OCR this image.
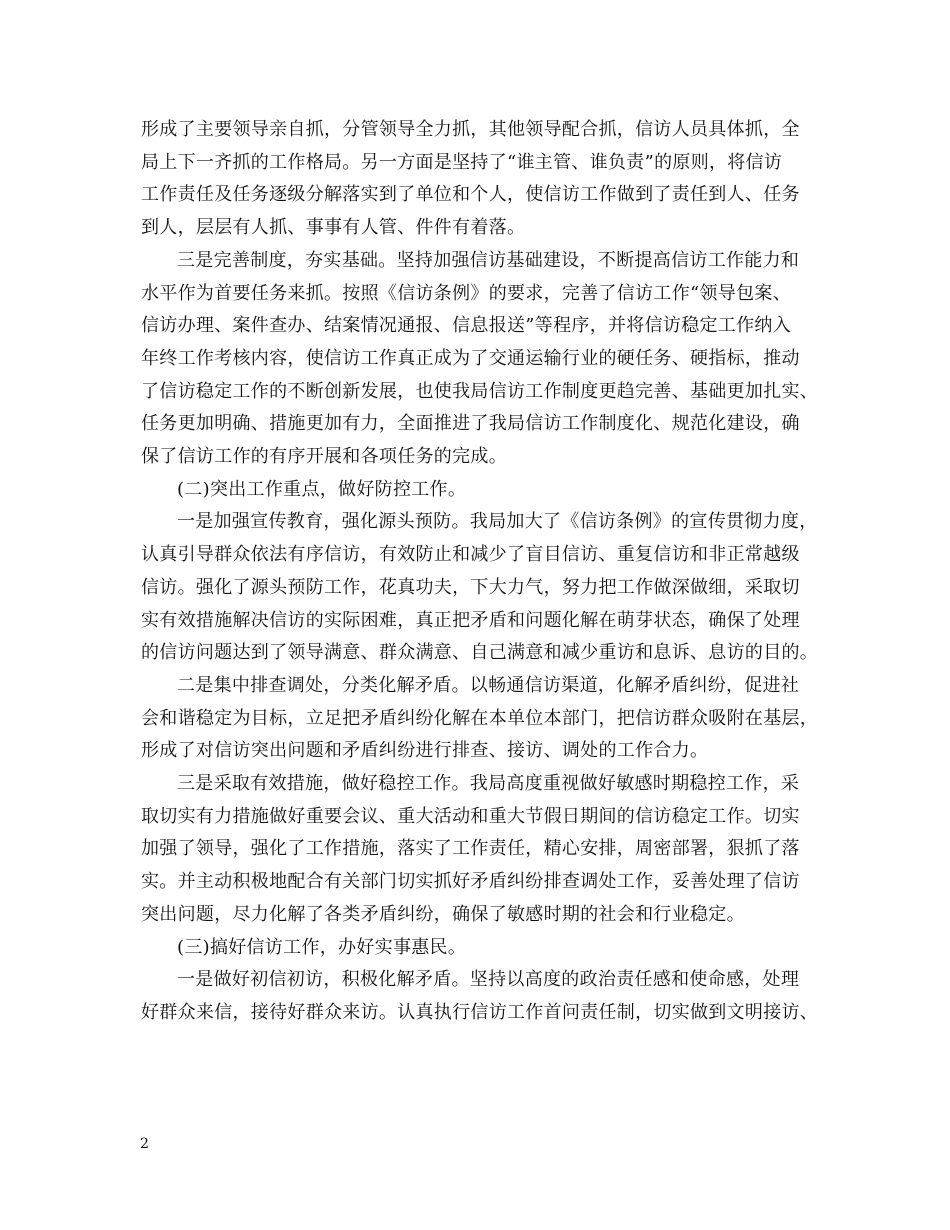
形成了主要领导亲自抓，分管领导全力抓，其他领导配合抓，信访人员具体抓，全
局上下一齐抓的工作格局。另一方面是坚持了“谁主管、谁负责”的原则，将信访
工作责任及任务逐级分解落实到了单位和个人，使信访工作做到了责任到人、任务
到人，层层有人抓、事事有人管、件件有着落。

三是完善制度，夯实基础。坚持加强信访基础建设，不断提高信访工作能力和
水平作为首要任务来抓。按照《信访条例》的要求，完善了信访工作“领导包案、
信访办理、案件查办、结案情况通报、信息报送”等程序，并将信访稳定工作纳入
年终工作考核内容，使信访工作真正成为了交通运输行业的硬任务、硬指标，推动
了信访稳定工作的不断创新发展，也使我局信访工作制度更趋完善、基础更加扎实、
任务更加明确、措施更加有力，全面推进了我局信访工作制度化、规范化建设，确
保了信访工作的有序开展和各项任务的完成。

(二)突出工作重点，做好防控工作。

一是加强宣传教育，强化源头预防。我局加大了《信访条例》的宣传贯彻力度，
认真引导群众依法有序信访，有效防止和减少了盲目信访、重复信访和非正常越级
信访。强化了源头预防工作，花真功夫，下大力气，努力把工作做深做细，采取切
实有效措施解决信访的实际困难，真正把矛盾和问题化解在萌芽状态，确保了处理
的信访问题达到了领导满意、群众满意、自己满意和减少重访和息诉、息访的目的。

二是集中排查调处，分类化解矛盾。以畅通信访渠道，化解矛盾纠纷，促进社
会和谐稳定为目标，立足把矛盾纠纷化解在本单位本部门，把信访群众吸附在基层，
形成了对信访突出问题和矛盾纠纷进行排查、接访、调处的工作合力。

三是采取有效措施，做好稳控工作。我局高度重视做好敏感时期稳控工作，采
取切实有力措施做好重要会议、重大活动和重大节假日期间的信访稳定工作。切实
加强了领导，强化了工作措施，落实了工作责任，精心安排，周密部署，狠抓了落
实。并主动积极地配合有关部门切实抓好矛盾纠纷排查调处工作，妥善处理了信访
突出问题，尽力化解了各类矛盾纠纷，确保了敏感时期的社会和行业稳定。

(三)搞好信访工作，办好实事惠民。

一是做好初信初访，积极化解矛盾。坚持以高度的政治责任感和使命感，处理
好群众来信，接待好群众来访。认真执行信访工作首问责任制，切实做到文明接访、

2
